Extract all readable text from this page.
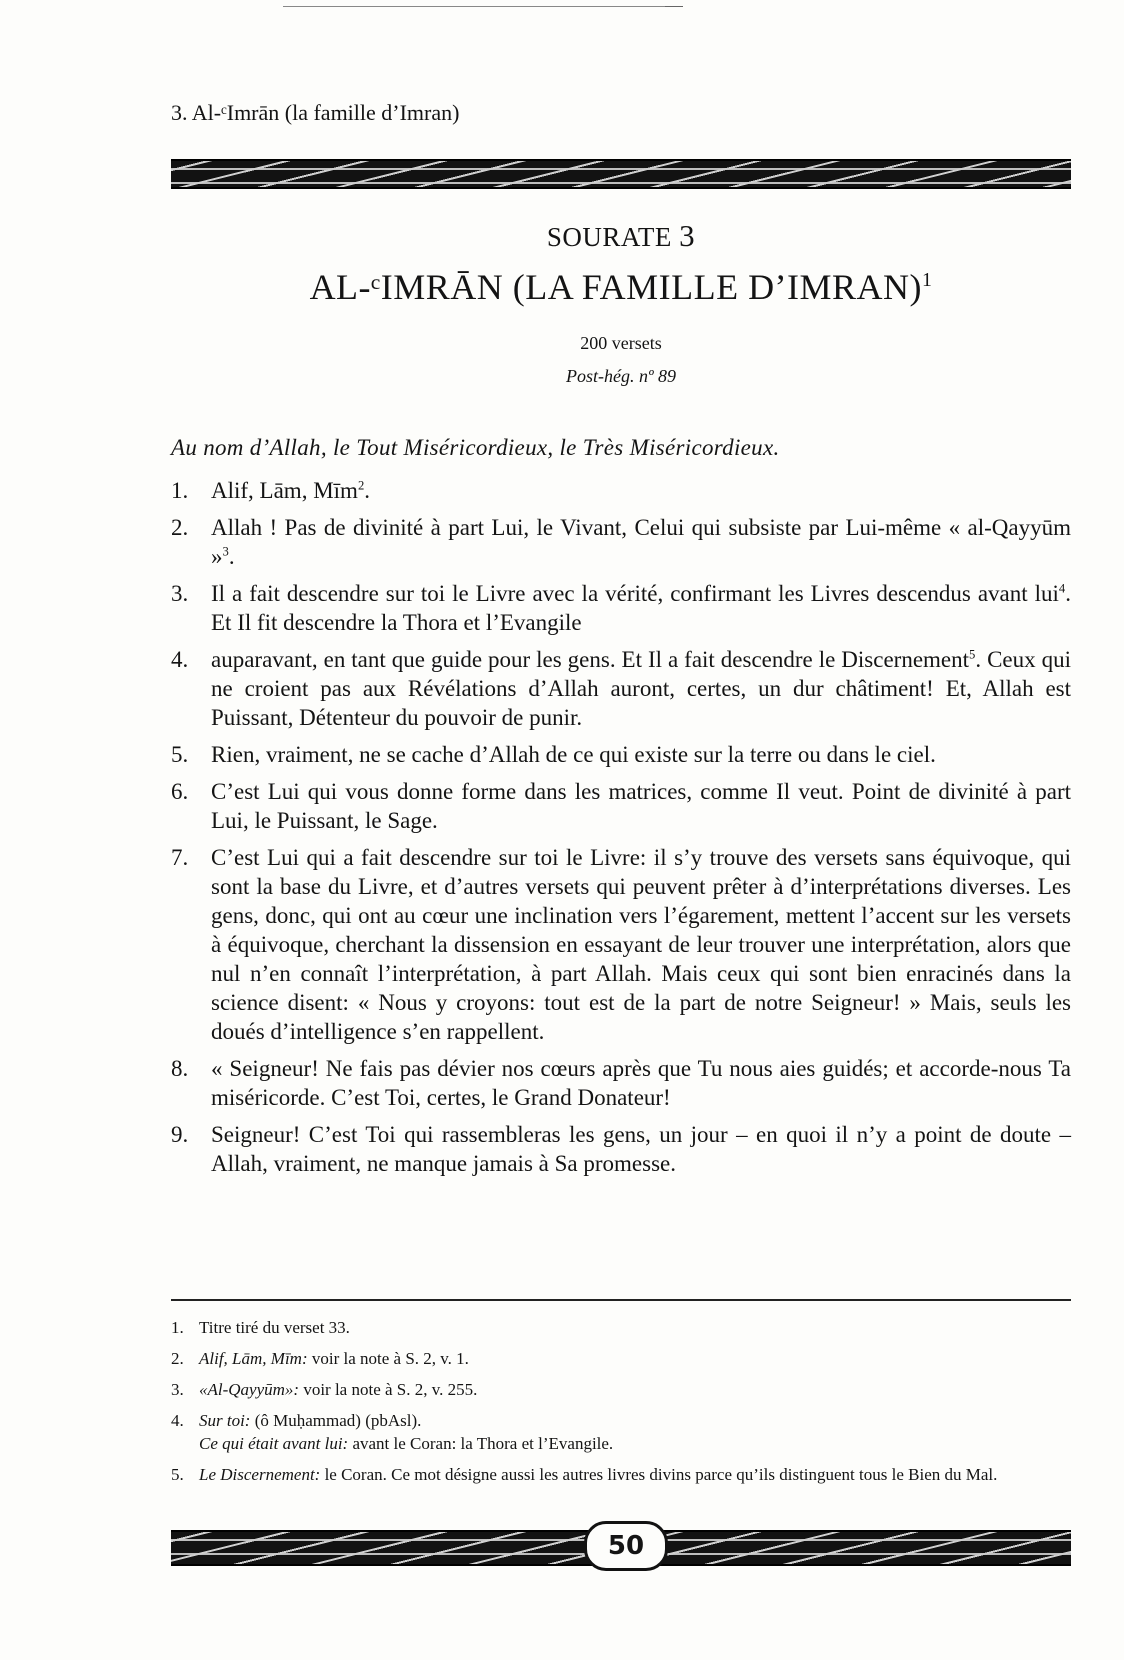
3. Al-ᶜImrān (la famille d’Imran)
SOURATE 3
AL-ᶜIMRĀN (LA FAMILLE D’IMRAN)$^1$
200 versets
Post-hég. nº 89
Au nom d’Allah, le Tout Miséricordieux, le Très Miséricordieux.
1. Alif, Lām, Mīm$^2$.
2. Allah ! Pas de divinité à part Lui, le Vivant, Celui qui subsiste par Lui-même « al-Qayyūm »$^3$.
3. Il a fait descendre sur toi le Livre avec la vérité, confirmant les Livres descendus avant lui$^4$. Et Il fit descendre la Thora et l’Evangile
4. auparavant, en tant que guide pour les gens. Et Il a fait descendre le Discernement$^5$. Ceux qui ne croient pas aux Révélations d’Allah auront, certes, un dur châtiment! Et, Allah est Puissant, Détenteur du pouvoir de punir.
5. Rien, vraiment, ne se cache d’Allah de ce qui existe sur la terre ou dans le ciel.
6. C’est Lui qui vous donne forme dans les matrices, comme Il veut. Point de divinité à part Lui, le Puissant, le Sage.
7. C’est Lui qui a fait descendre sur toi le Livre: il s’y trouve des versets sans équivoque, qui sont la base du Livre, et d’autres versets qui peuvent prêter à d’interprétations diverses. Les gens, donc, qui ont au cœur une inclination vers l’égarement, mettent l’accent sur les versets à équivoque, cherchant la dissension en essayant de leur trouver une interprétation, alors que nul n’en connaît l’interprétation, à part Allah. Mais ceux qui sont bien enracinés dans la science disent: « Nous y croyons: tout est de la part de notre Seigneur! » Mais, seuls les doués d’intelligence s’en rappellent.
8. « Seigneur! Ne fais pas dévier nos cœurs après que Tu nous aies guidés; et accorde-nous Ta miséricorde. C’est Toi, certes, le Grand Donateur!
9. Seigneur! C’est Toi qui rassembleras les gens, un jour – en quoi il n’y a point de doute – Allah, vraiment, ne manque jamais à Sa promesse.
1. Titre tiré du verset 33.
2. Alif, Lām, Mīm: voir la note à S. 2, v. 1.
3. «Al-Qayyūm»: voir la note à S. 2, v. 255.
4. Sur toi: (ô Muḥammad) (pbAsl).
Ce qui était avant lui: avant le Coran: la Thora et l’Evangile.
5. Le Discernement: le Coran. Ce mot désigne aussi les autres livres divins parce qu’ils distinguent tous le Bien du Mal.
50
